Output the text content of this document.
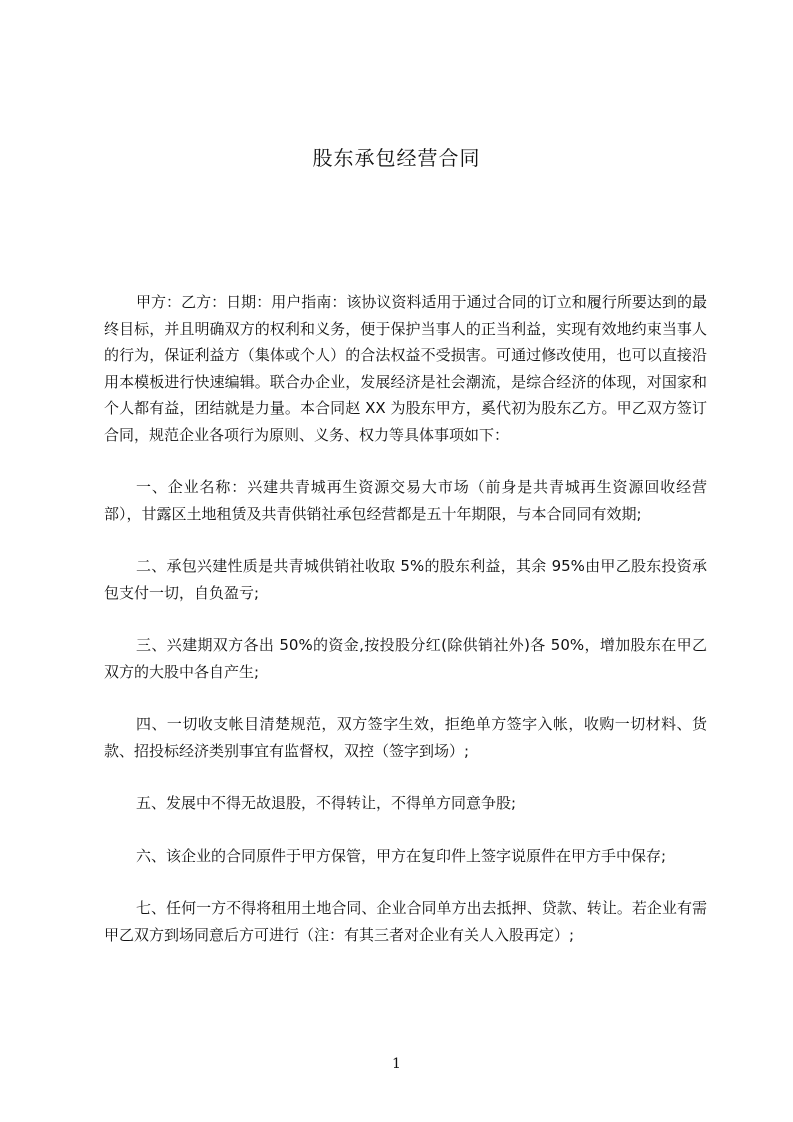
股东承包经营合同

甲方：乙方：日期：用户指南：该协议资料适用于通过合同的订立和履行所要达到的最终目标，并且明确双方的权利和义务，便于保护当事人的正当利益，实现有效地约束当事人的行为，保证利益方（集体或个人）的合法权益不受损害。可通过修改使用，也可以直接沿用本模板进行快速编辑。联合办企业，发展经济是社会潮流，是综合经济的体现，对国家和个人都有益，团结就是力量。本合同赵 XX 为股东甲方，奚代初为股东乙方。甲乙双方签订合同，规范企业各项行为原则、义务、权力等具体事项如下：

一、企业名称：兴建共青城再生资源交易大市场（前身是共青城再生资源回收经营部），甘露区土地租赁及共青供销社承包经营都是五十年期限，与本合同同有效期;

二、承包兴建性质是共青城供销社收取 5%的股东利益，其余 95%由甲乙股东投资承包支付一切，自负盈亏;

三、兴建期双方各出 50%的资金,按投股分红(除供销社外)各 50%，增加股东在甲乙双方的大股中各自产生;

四、一切收支帐目清楚规范，双方签字生效，拒绝单方签字入帐，收购一切材料、货款、招投标经济类别事宜有监督权，双控（签字到场）;

五、发展中不得无故退股，不得转让，不得单方同意争股;

六、该企业的合同原件于甲方保管，甲方在复印件上签字说原件在甲方手中保存;

七、任何一方不得将租用土地合同、企业合同单方出去抵押、贷款、转让。若企业有需甲乙双方到场同意后方可进行（注：有其三者对企业有关人入股再定）;

1
